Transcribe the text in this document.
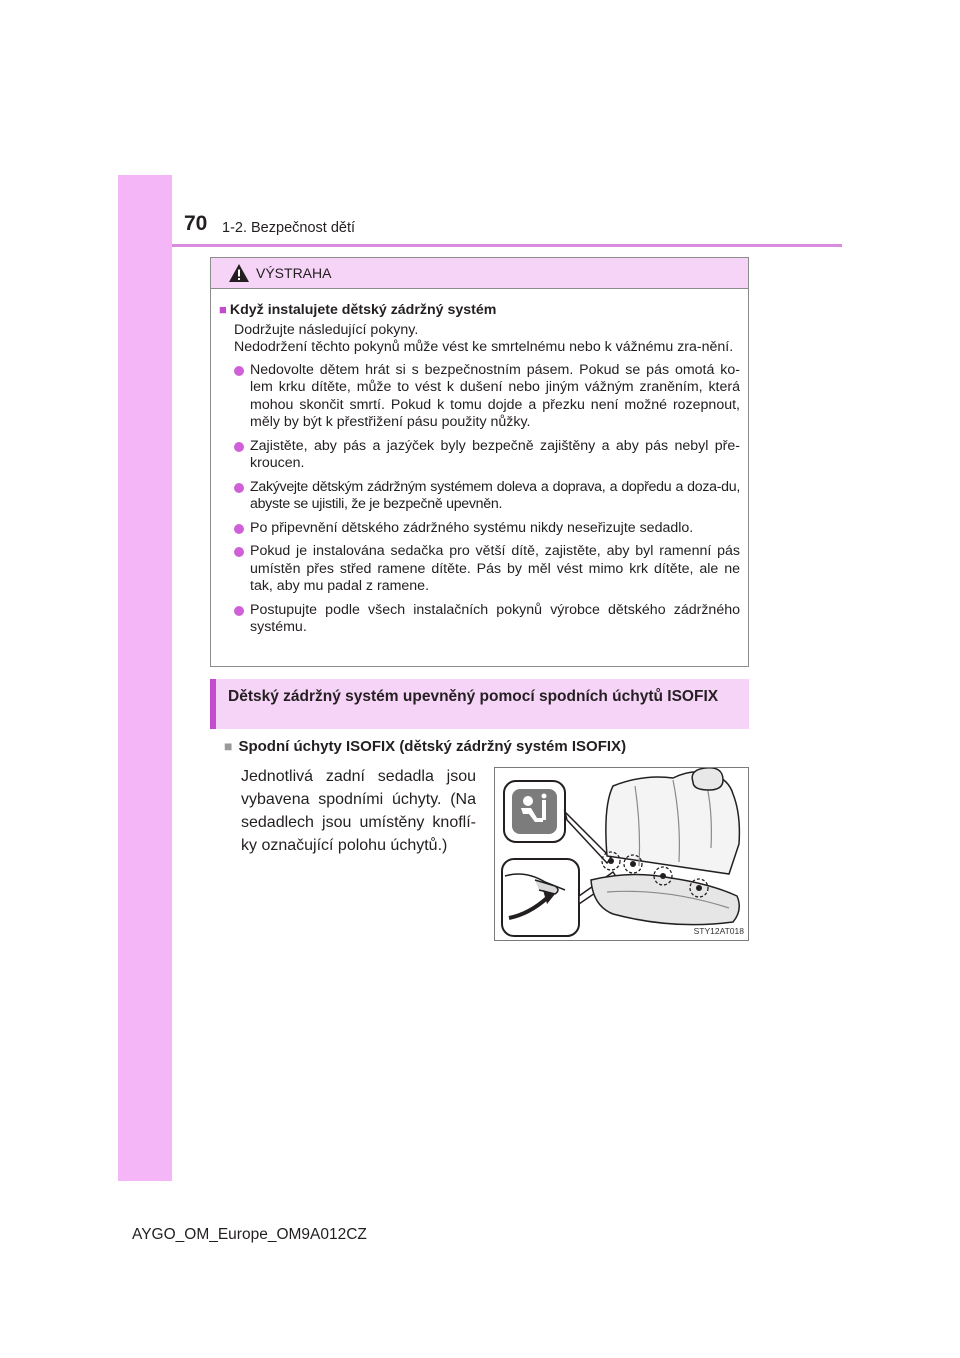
70 1-2. Bezpečnost dětí
VÝSTRAHA
■ Když instalujete dětský zádržný systém
Dodržujte následující pokyny.
Nedodržení těchto pokynů může vést ke smrtelnému nebo k vážnému zra-nění.
Nedovolte dětem hrát si s bezpečnostním pásem. Pokud se pás omotá ko-lem krku dítěte, může to vést k dušení nebo jiným vážným zraněním, která mohou skončit smrtí. Pokud k tomu dojde a přezku není možné rozepnout, měly by být k přestřižení pásu použity nůžky.
Zajistěte, aby pás a jazýček byly bezpečně zajištěny a aby pás nebyl pře-kroucen.
Zakývejte dětským zádržným systémem doleva a doprava, a dopředu a doza-du, abyste se ujistili, že je bezpečně upevněn.
Po připevnění dětského zádržného systému nikdy neseřizujte sedadlo.
Pokud je instalována sedačka pro větší dítě, zajistěte, aby byl ramenní pás umístěn přes střed ramene dítěte. Pás by měl vést mimo krk dítěte, ale ne tak, aby mu padal z ramene.
Postupujte podle všech instalačních pokynů výrobce dětského zádržného systému.
Dětský zádržný systém upevněný pomocí spodních úchytů ISOFIX
■ Spodní úchyty ISOFIX (dětský zádržný systém ISOFIX)
Jednotlivá zadní sedadla jsou vybavena spodními úchyty. (Na sedadlech jsou umístěny knoflí-ky označující polohu úchytů.)
STY12AT018
AYGO_OM_Europe_OM9A012CZ
